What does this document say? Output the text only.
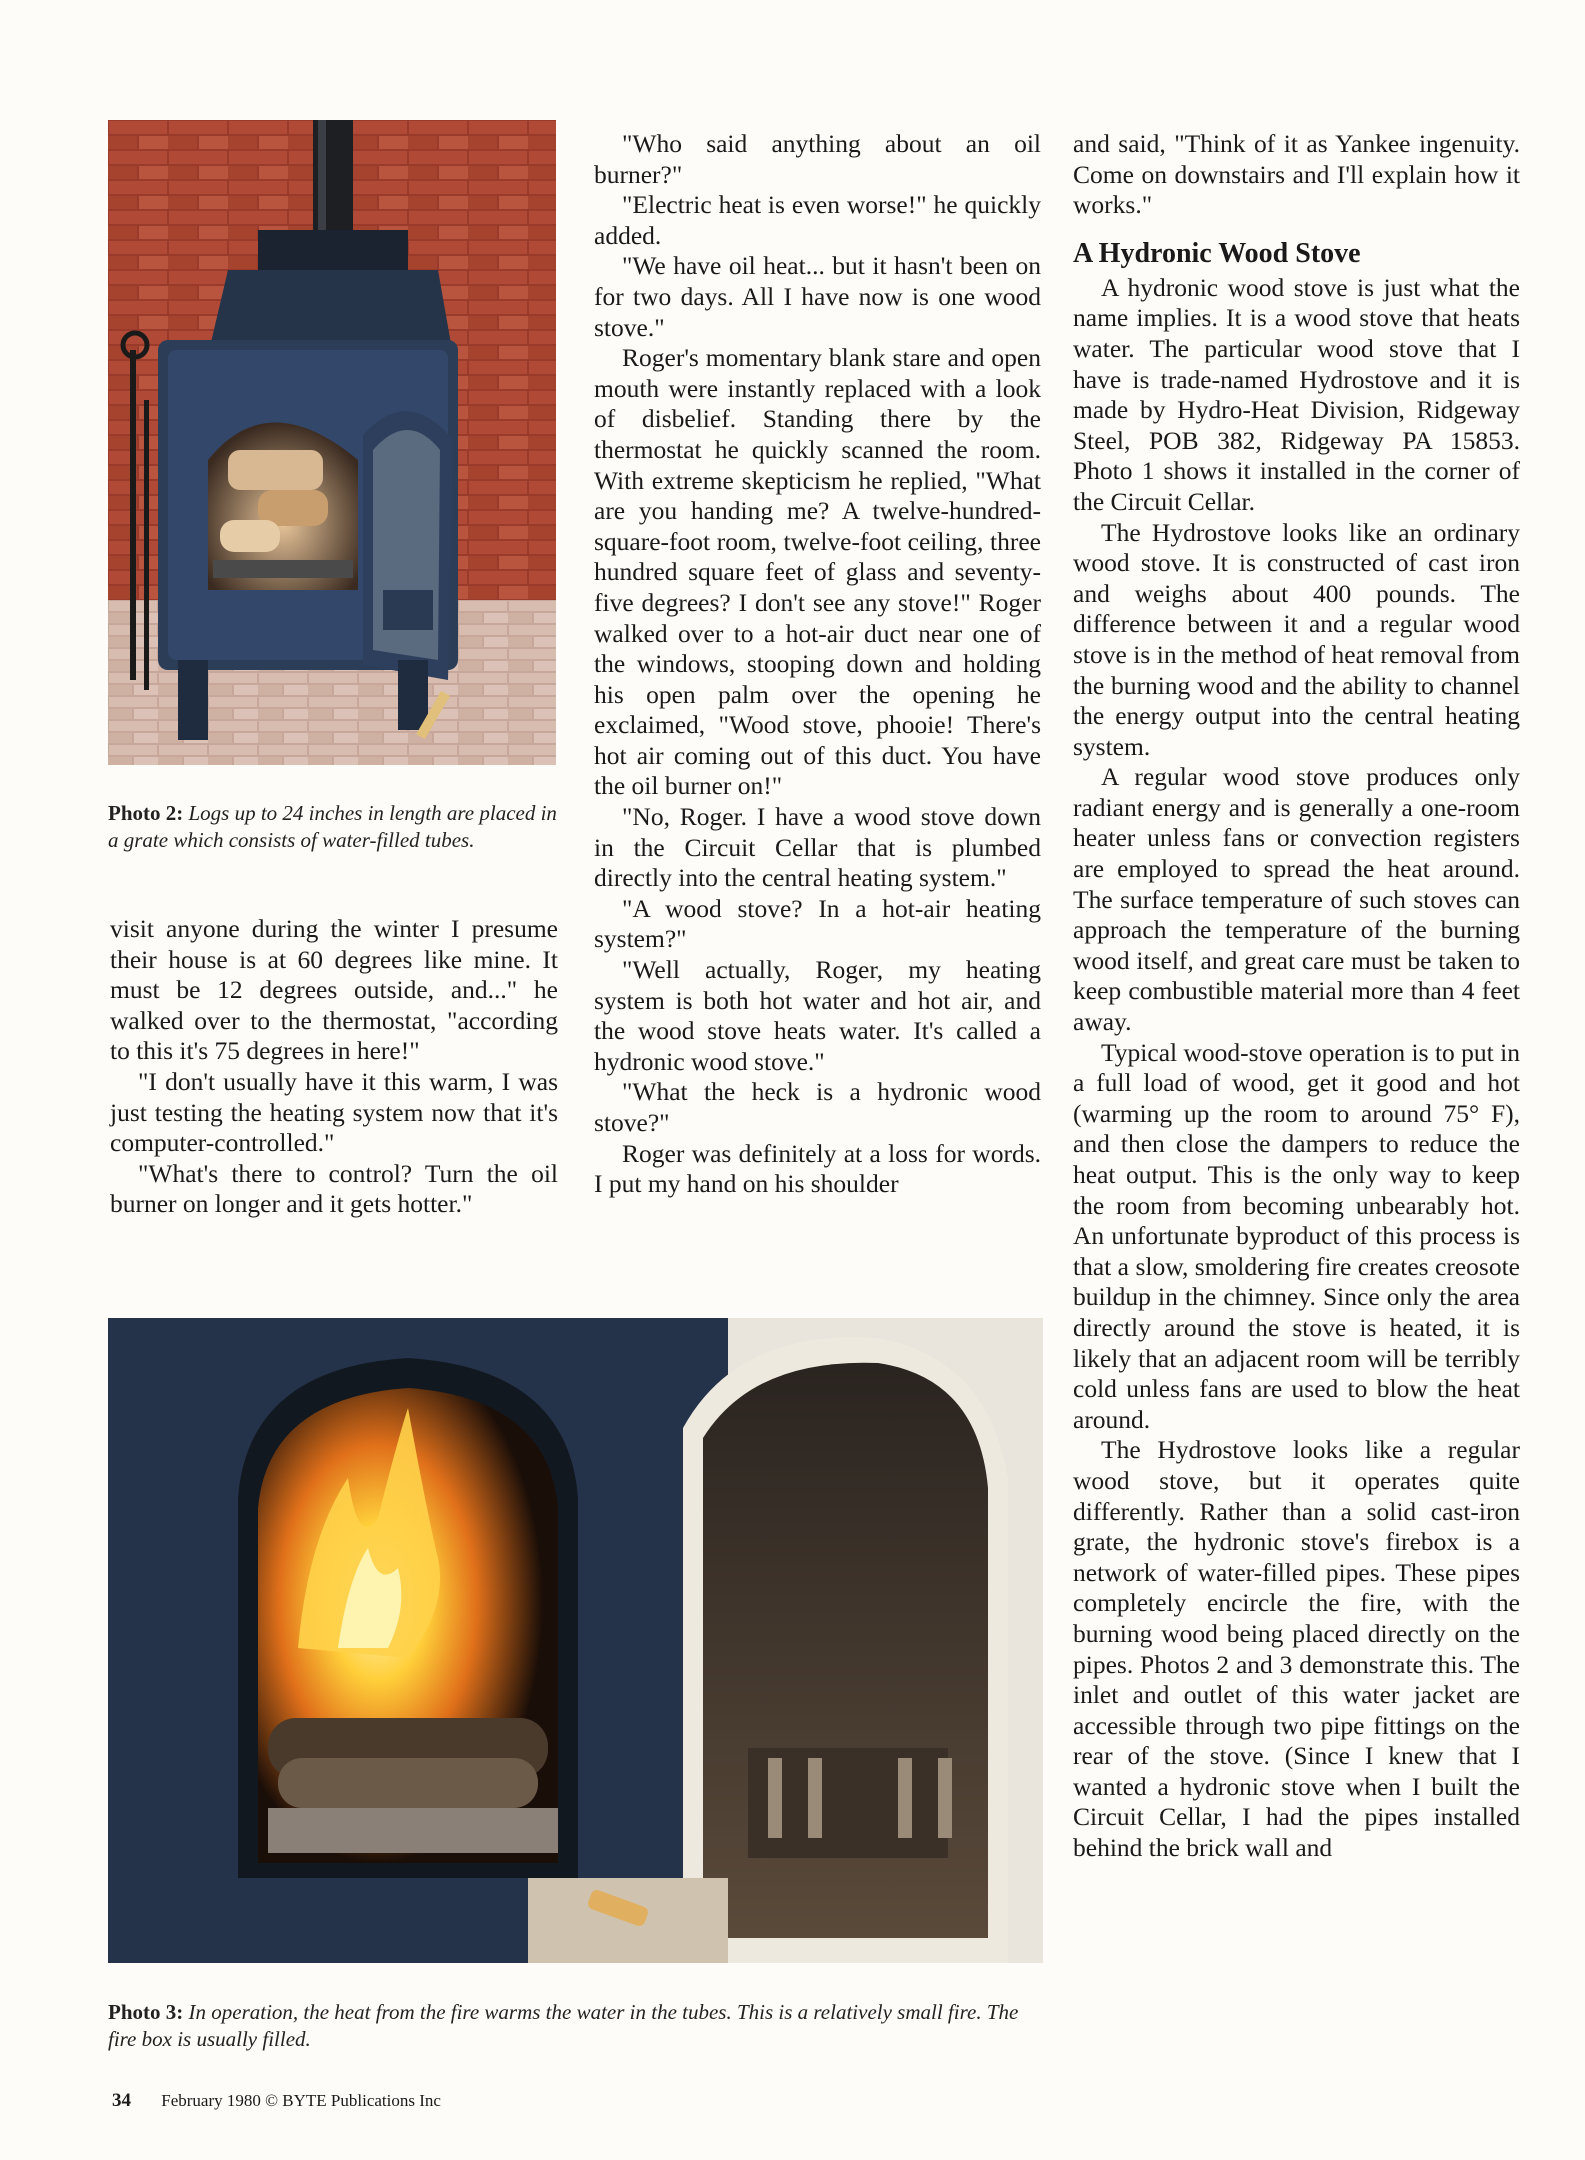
Photo 2: Logs up to 24 inches in length are placed in a grate which consists of water-filled tubes.

visit anyone during the winter I presume their house is at 60 degrees like mine. It must be 12 degrees outside, and..." he walked over to the thermostat, "according to this it's 75 degrees in here!"

"I don't usually have it this warm, I was just testing the heating system now that it's computer-controlled."

"What's there to control? Turn the oil burner on longer and it gets hotter."

"Who said anything about an oil burner?"

"Electric heat is even worse!" he quickly added.

"We have oil heat... but it hasn't been on for two days. All I have now is one wood stove."

Roger's momentary blank stare and open mouth were instantly replaced with a look of disbelief. Standing there by the thermostat he quickly scanned the room. With extreme skepticism he replied, "What are you handing me? A twelve-hundred-square-foot room, twelve-foot ceiling, three hundred square feet of glass and seventy-five degrees? I don't see any stove!" Roger walked over to a hot-air duct near one of the windows, stooping down and holding his open palm over the opening he exclaimed, "Wood stove, phooie! There's hot air coming out of this duct. You have the oil burner on!"

"No, Roger. I have a wood stove down in the Circuit Cellar that is plumbed directly into the central heating system."

"A wood stove? In a hot-air heating system?"

"Well actually, Roger, my heating system is both hot water and hot air, and the wood stove heats water. It's called a hydronic wood stove."

"What the heck is a hydronic wood stove?"

Roger was definitely at a loss for words. I put my hand on his shoulder

Photo 3: In operation, the heat from the fire warms the water in the tubes. This is a relatively small fire. The fire box is usually filled.

and said, "Think of it as Yankee ingenuity. Come on downstairs and I'll explain how it works."

A Hydronic Wood Stove

A hydronic wood stove is just what the name implies. It is a wood stove that heats water. The particular wood stove that I have is trade-named Hydrostove and it is made by Hydro-Heat Division, Ridgeway Steel, POB 382, Ridgeway PA 15853. Photo 1 shows it installed in the corner of the Circuit Cellar.

The Hydrostove looks like an ordinary wood stove. It is constructed of cast iron and weighs about 400 pounds. The difference between it and a regular wood stove is in the method of heat removal from the burning wood and the ability to channel the energy output into the central heating system.

A regular wood stove produces only radiant energy and is generally a one-room heater unless fans or convection registers are employed to spread the heat around. The surface temperature of such stoves can approach the temperature of the burning wood itself, and great care must be taken to keep combustible material more than 4 feet away.

Typical wood-stove operation is to put in a full load of wood, get it good and hot (warming up the room to around 75° F), and then close the dampers to reduce the heat output. This is the only way to keep the room from becoming unbearably hot. An unfortunate byproduct of this process is that a slow, smoldering fire creates creosote buildup in the chimney. Since only the area directly around the stove is heated, it is likely that an adjacent room will be terribly cold unless fans are used to blow the heat around.

The Hydrostove looks like a regular wood stove, but it operates quite differently. Rather than a solid cast-iron grate, the hydronic stove's firebox is a network of water-filled pipes. These pipes completely encircle the fire, with the burning wood being placed directly on the pipes. Photos 2 and 3 demonstrate this. The inlet and outlet of this water jacket are accessible through two pipe fittings on the rear of the stove. (Since I knew that I wanted a hydronic stove when I built the Circuit Cellar, I had the pipes installed behind the brick wall and

34 February 1980 © BYTE Publications Inc
